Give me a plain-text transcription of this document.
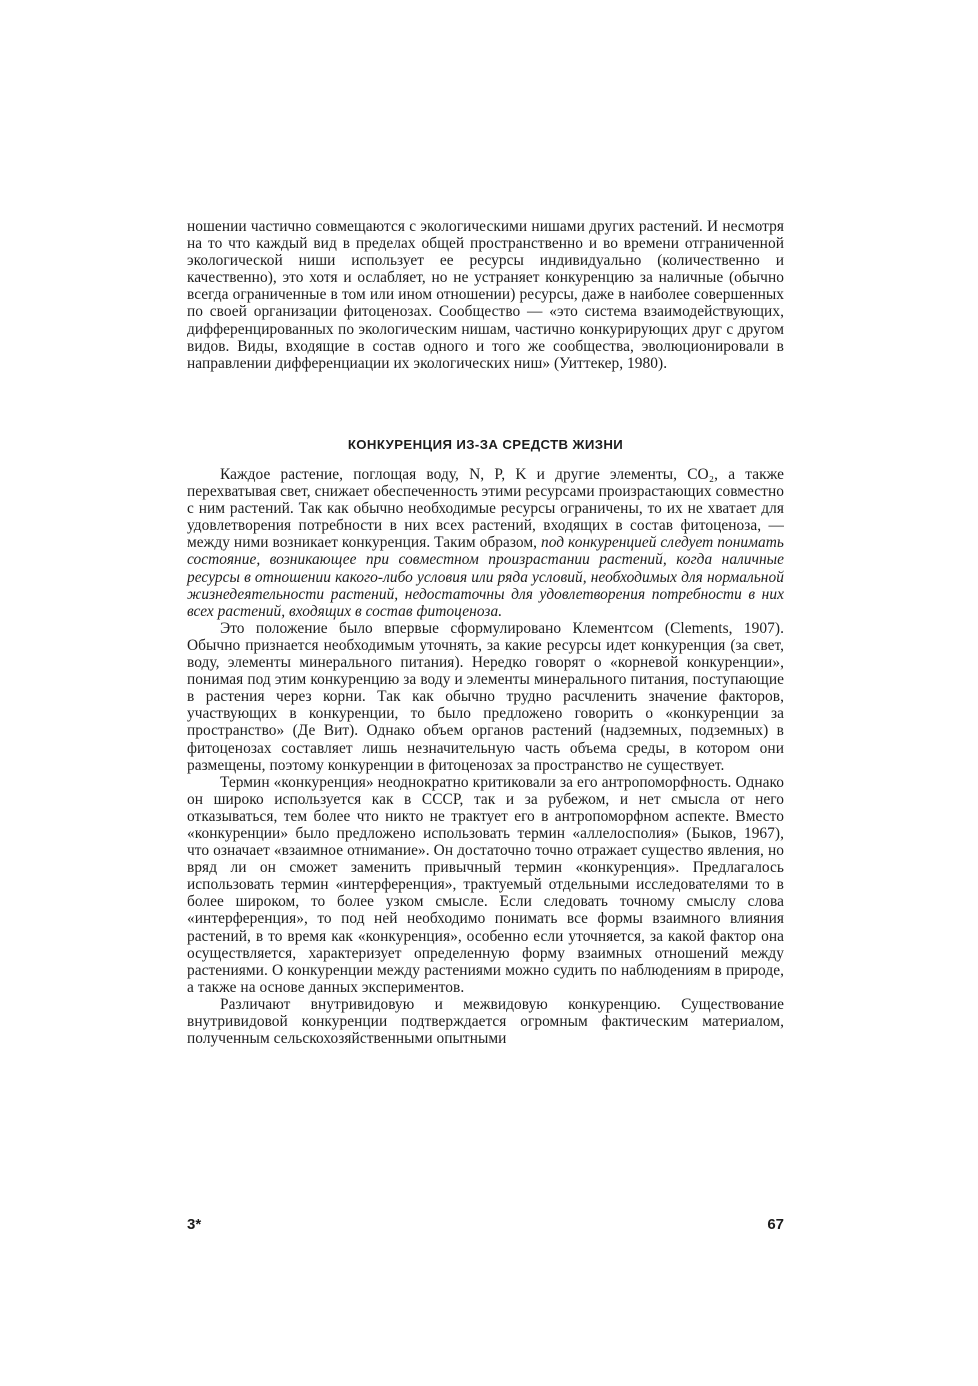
ношении частично совмещаются с экологическими нишами других растений. И несмотря на то что каждый вид в пределах общей пространственно и во времени отграниченной экологической ниши использует ее ресурсы индивидуально (количественно и качественно), это хотя и ослабляет, но не устраняет конкуренцию за наличные (обычно всегда ограниченные в том или ином отношении) ресурсы, даже в наиболее совершенных по своей организации фитоценозах. Сообщество — «это система взаимодействующих, дифференцированных по экологическим нишам, частично конкурирующих друг с другом видов. Виды, входящие в состав одного и того же сообщества, эволюционировали в направлении дифференциации их экологических ниш» (Уиттекер, 1980).
КОНКУРЕНЦИЯ ИЗ-ЗА СРЕДСТВ ЖИЗНИ

Каждое растение, поглощая воду, N, P, K и другие элементы, CO₂, а также перехватывая свет, снижает обеспеченность этими ресурсами произрастающих совместно с ним растений. Так как обычно необходимые ресурсы ограничены, то их не хватает для удовлетворения потребности в них всех растений, входящих в состав фитоценоза, — между ними возникает конкуренция. Таким образом, под конкуренцией следует понимать состояние, возникающее при совместном произрастании растений, когда наличные ресурсы в отношении какого-либо условия или ряда условий, необходимых для нормальной жизнедеятельности растений, недостаточны для удовлетворения потребности в них всех растений, входящих в состав фитоценоза.

Это положение было впервые сформулировано Клементсом (Clements, 1907). Обычно признается необходимым уточнять, за какие ресурсы идет конкуренция (за свет, воду, элементы минерального питания). Нередко говорят о «корневой конкуренции», понимая под этим конкуренцию за воду и элементы минерального питания, поступающие в растения через корни. Так как обычно трудно расчленить значение факторов, участвующих в конкуренции, то было предложено говорить о «конкуренции за пространство» (Де Вит). Однако объем органов растений (надземных, подземных) в фитоценозах составляет лишь незначительную часть объема среды, в котором они размещены, поэтому конкуренции в фитоценозах за пространство не существует.

Термин «конкуренция» неоднократно критиковали за его антропоморфность. Однако он широко используется как в СССР, так и за рубежом, и нет смысла от него отказываться, тем более что никто не трактует его в антропоморфном аспекте. Вместо «конкуренции» было предложено использовать термин «аллелосполия» (Быков, 1967), что означает «взаимное отнимание». Он достаточно точно отражает существо явления, но вряд ли он сможет заменить привычный термин «конкуренция». Предлагалось использовать термин «интерференция», трактуемый отдельными исследователями то в более широком, то более узком смысле. Если следовать точному смыслу слова «интерференция», то под ней необходимо понимать все формы взаимного влияния растений, в то время как «конкуренция», особенно если уточняется, за какой фактор она осуществляется, характеризует определенную форму взаимных отношений между растениями. О конкуренции между растениями можно судить по наблюдениям в природе, а также на основе данных экспериментов.

Различают внутривидовую и межвидовую конкуренцию. Существование внутривидовой конкуренции подтверждается огромным фактическим материалом, полученным сельскохозяйственными опытными

3*	67
